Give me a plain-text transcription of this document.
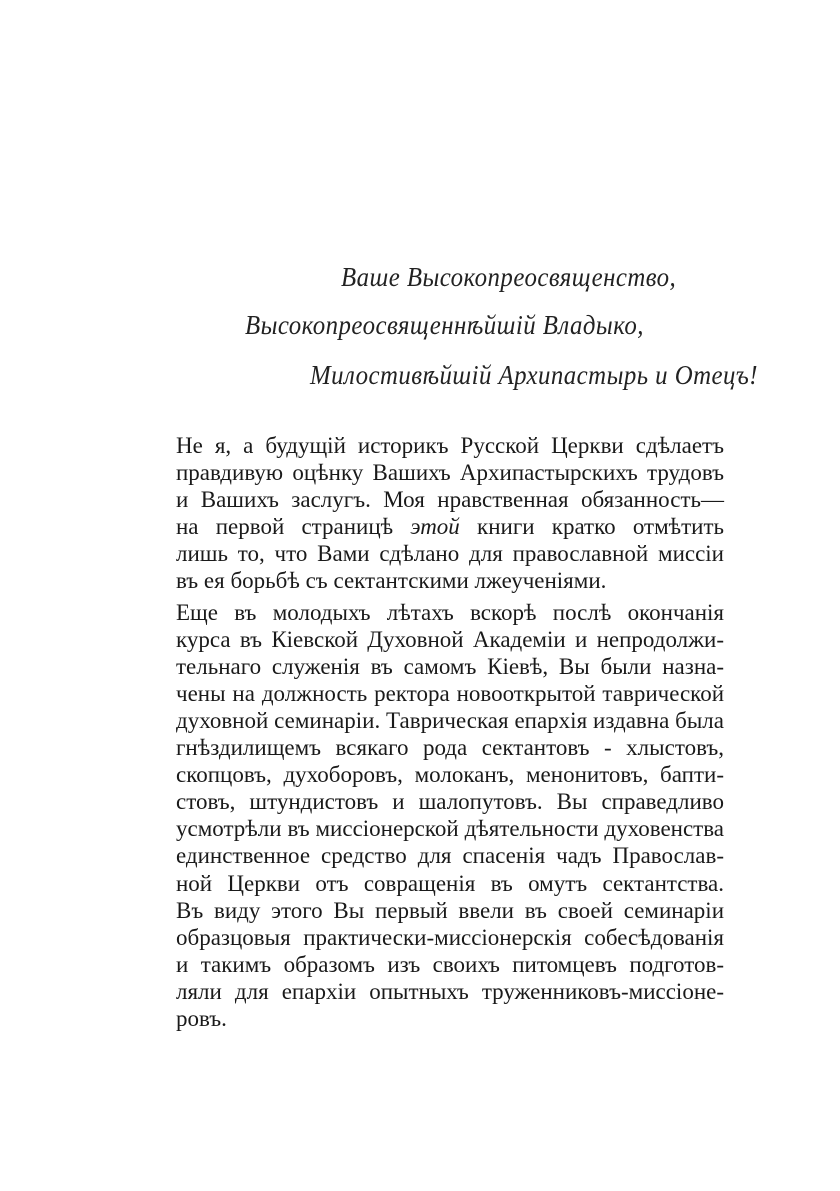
Ваше Высокопреосвященство,
Высокопреосвященнѣйшій Владыко,
Милостивѣйшій Архипастырь и Отецъ!

Не я, а будущій историкъ Русской Церкви сдѣлаетъ
правдивую оцѣнку Вашихъ Архипастырскихъ трудовъ
и Вашихъ заслугъ. Моя нравственная обязанность—
на первой страницѣ этой книги кратко отмѣтить
лишь то, что Вами сдѣлано для православной миссіи
въ ея борьбѣ съ сектантскими лжеученіями.

Еще въ молодыхъ лѣтахъ вскорѣ послѣ окончанія
курса въ Кіевской Духовной Академіи и непродолжи-
тельнаго служенія въ самомъ Кіевѣ, Вы были назна-
чены на должность ректора новооткрытой таврической
духовной семинаріи. Таврическая епархія издавна была
гнѣздилищемъ всякаго рода сектантовъ - хлыстовъ,
скопцовъ, духоборовъ, молоканъ, менонитовъ, бапти-
стовъ, штундистовъ и шалопутовъ. Вы справедливо
усмотрѣли въ миссіонерской дѣятельности духовенства
единственное средство для спасенія чадъ Православ-
ной Церкви отъ совращенія въ омутъ сектантства.
Въ виду этого Вы первый ввели въ своей семинаріи
образцовыя практически-миссіонерскія собесѣдованія
и такимъ образомъ изъ своихъ питомцевъ подготов-
ляли для епархіи опытныхъ труженниковъ-миссіоне-
ровъ.
